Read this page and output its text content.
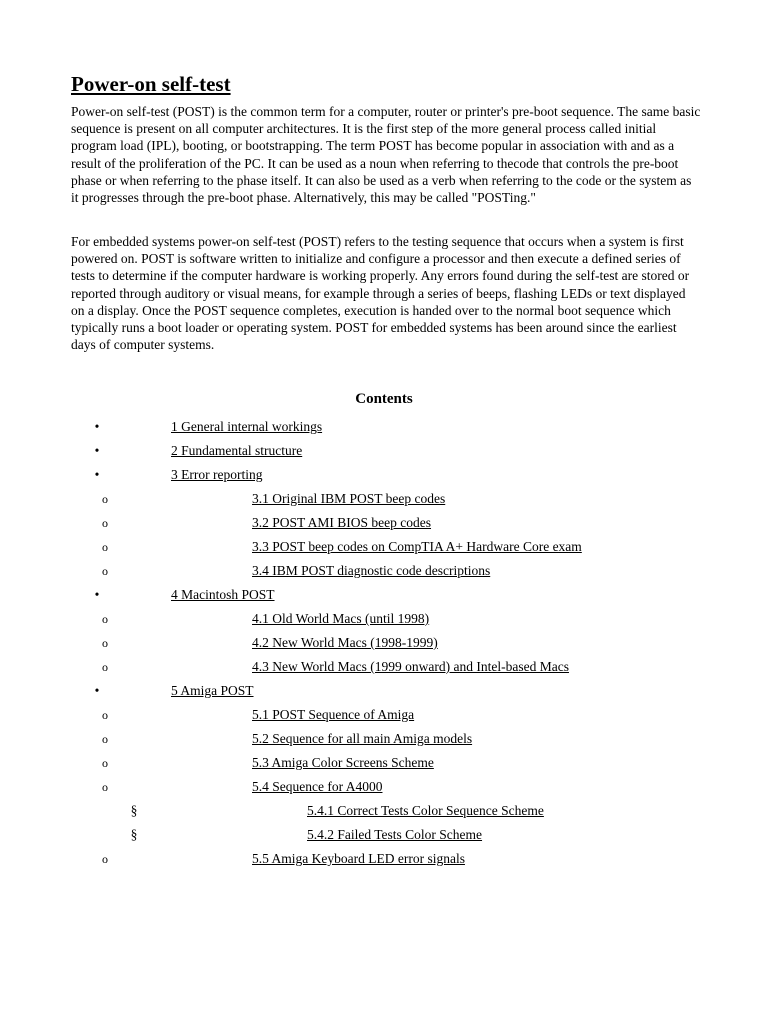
Power-on self-test

Power-on self-test (POST) is the common term for a computer, router or printer's pre-boot sequence. The same basic sequence is present on all computer architectures. It is the first step of the more general process called initial program load (IPL), booting, or bootstrapping. The term POST has become popular in association with and as a result of the proliferation of the PC. It can be used as a noun when referring to thecode that controls the pre-boot phase or when referring to the phase itself. It can also be used as a verb when referring to the code or the system as it progresses through the pre-boot phase. Alternatively, this may be called "POSTing."

For embedded systems power-on self-test (POST) refers to the testing sequence that occurs when a system is first powered on. POST is software written to initialize and configure a processor and then execute a defined series of tests to determine if the computer hardware is working properly. Any errors found during the self-test are stored or reported through auditory or visual means, for example through a series of beeps, flashing LEDs or text displayed on a display. Once the POST sequence completes, execution is handed over to the normal boot sequence which typically runs a boot loader or operating system. POST for embedded systems has been around since the earliest days of computer systems.

Contents
•	1 General internal workings
•	2 Fundamental structure
•	3 Error reporting
o	3.1 Original IBM POST beep codes
o	3.2 POST AMI BIOS beep codes
o	3.3 POST beep codes on CompTIA A+ Hardware Core exam
o	3.4 IBM POST diagnostic code descriptions
•	4 Macintosh POST
o	4.1 Old World Macs (until 1998)
o	4.2 New World Macs (1998-1999)
o	4.3 New World Macs (1999 onward) and Intel-based Macs
•	5 Amiga POST
o	5.1 POST Sequence of Amiga
o	5.2 Sequence for all main Amiga models
o	5.3 Amiga Color Screens Scheme
o	5.4 Sequence for A4000
§	5.4.1 Correct Tests Color Sequence Scheme
§	5.4.2 Failed Tests Color Scheme
o	5.5 Amiga Keyboard LED error signals
